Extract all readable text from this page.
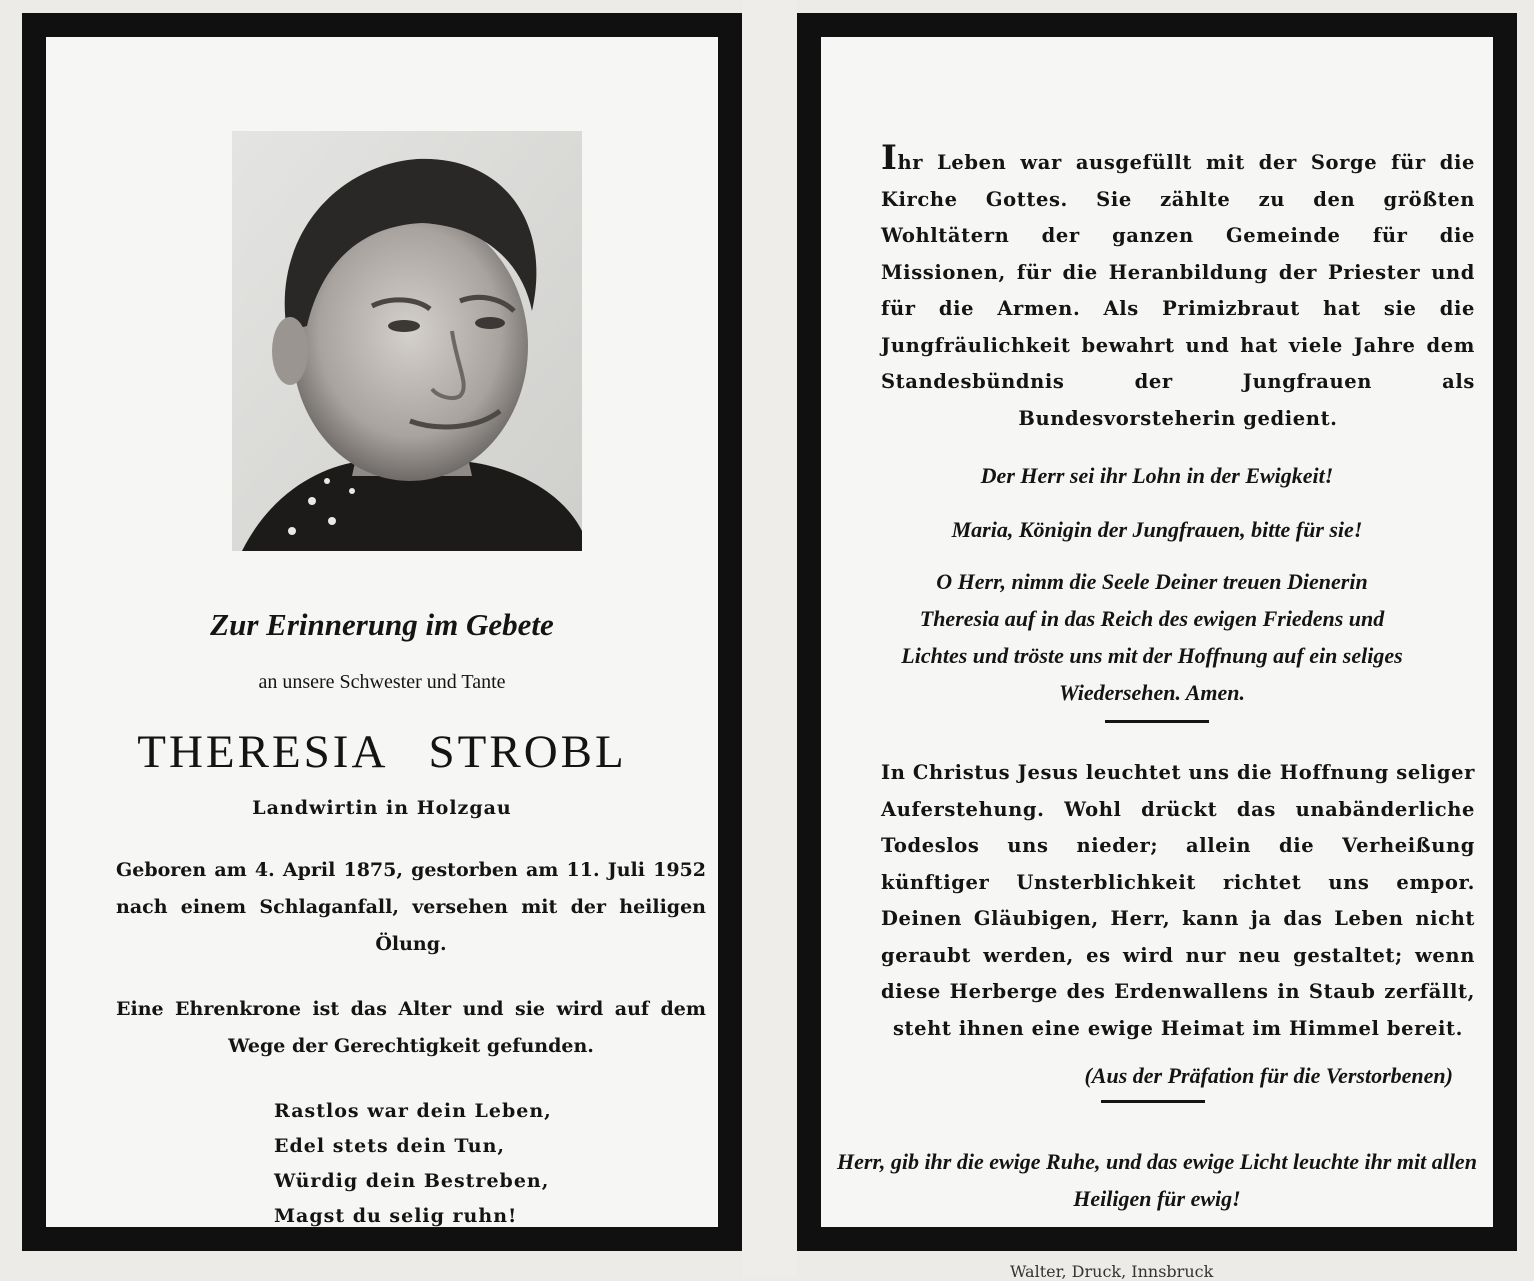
Zur Erinnerung im Gebete
an unsere Schwester und Tante
THERESIA STROBL
Landwirtin in Holzgau
Geboren am 4. April 1875, gestorben am 11. Juli 1952 nach einem Schlaganfall, versehen mit der heiligen Ölung.
Eine Ehrenkrone ist das Alter und sie wird auf dem Wege der Gerechtigkeit gefunden.
Rastlos war dein Leben,
Edel stets dein Tun,
Würdig dein Bestreben,
Magst du selig ruhn!
Ihr Leben war ausgefüllt mit der Sorge für die Kirche Gottes. Sie zählte zu den größten Wohltätern der ganzen Gemeinde für die Missionen, für die Heranbildung der Priester und für die Armen. Als Primizbraut hat sie die Jungfräulichkeit bewahrt und hat viele Jahre dem Standesbündnis der Jungfrauen als Bundesvorsteherin gedient.
Der Herr sei ihr Lohn in der Ewigkeit!
Maria, Königin der Jungfrauen, bitte für sie!
O Herr, nimm die Seele Deiner treuen Dienerin Theresia auf in das Reich des ewigen Friedens und Lichtes und tröste uns mit der Hoffnung auf ein seliges Wiedersehen. Amen.
In Christus Jesus leuchtet uns die Hoffnung seliger Auferstehung. Wohl drückt das unabänderliche Todeslos uns nieder; allein die Verheißung künftiger Unsterblichkeit richtet uns empor. Deinen Gläubigen, Herr, kann ja das Leben nicht geraubt werden, es wird nur neu gestaltet; wenn diese Herberge des Erdenwallens in Staub zerfällt, steht ihnen eine ewige Heimat im Himmel bereit.
(Aus der Präfation für die Verstorbenen)
Herr, gib ihr die ewige Ruhe, und das ewige Licht leuchte ihr mit allen Heiligen für ewig!
Walter, Druck, Innsbruck
